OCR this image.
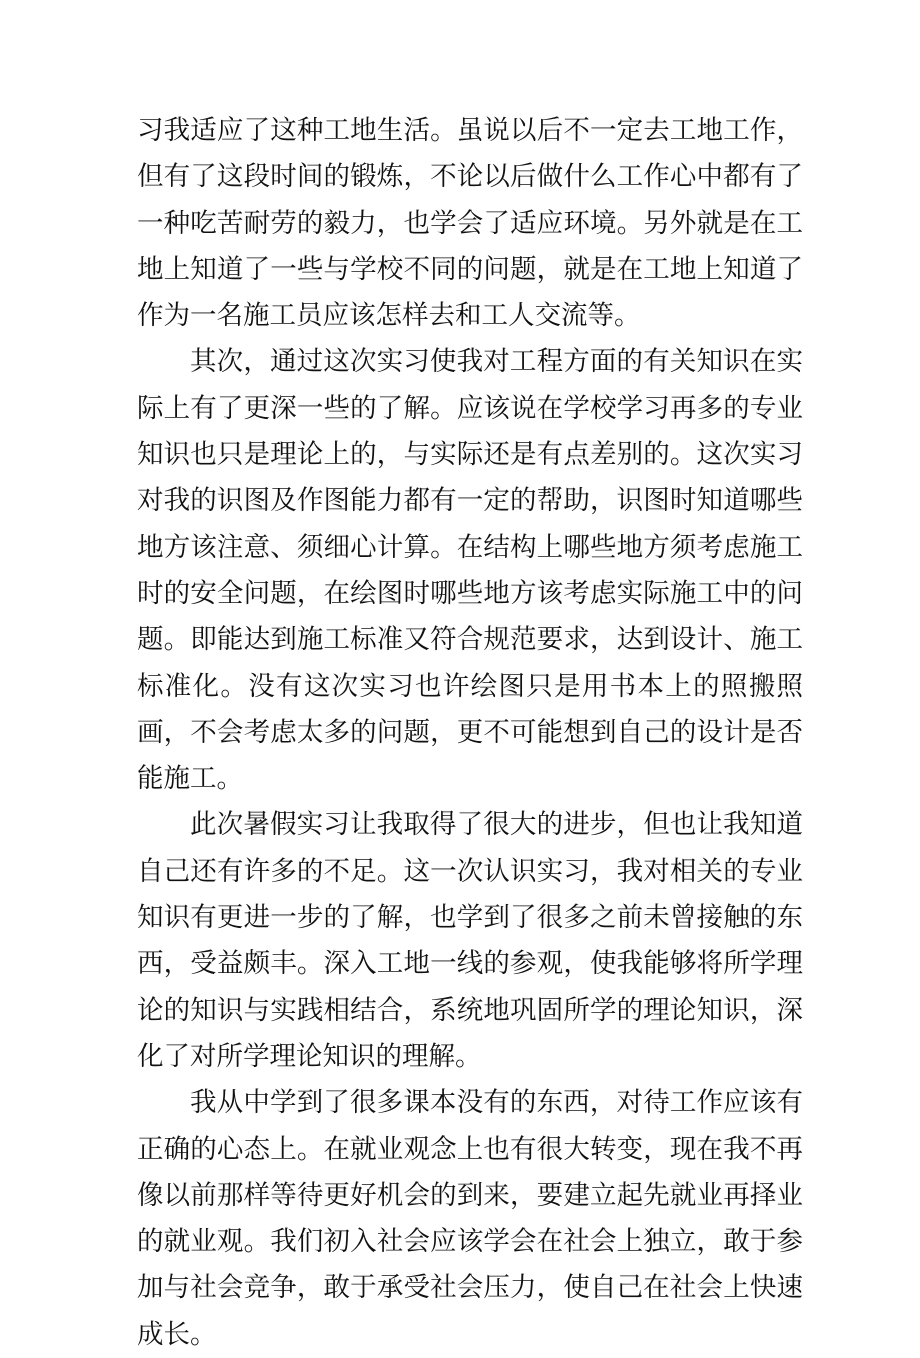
习我适应了这种工地生活。虽说以后不一定去工地工作，但有了这段时间的锻炼，不论以后做什么工作心中都有了一种吃苦耐劳的毅力，也学会了适应环境。另外就是在工地上知道了一些与学校不同的问题，就是在工地上知道了作为一名施工员应该怎样去和工人交流等。

其次，通过这次实习使我对工程方面的有关知识在实际上有了更深一些的了解。应该说在学校学习再多的专业知识也只是理论上的，与实际还是有点差别的。这次实习对我的识图及作图能力都有一定的帮助，识图时知道哪些地方该注意、须细心计算。在结构上哪些地方须考虑施工时的安全问题，在绘图时哪些地方该考虑实际施工中的问题。即能达到施工标准又符合规范要求，达到设计、施工标准化。没有这次实习也许绘图只是用书本上的照搬照画，不会考虑太多的问题，更不可能想到自己的设计是否能施工。

此次暑假实习让我取得了很大的进步，但也让我知道自己还有许多的不足。这一次认识实习，我对相关的专业知识有更进一步的了解，也学到了很多之前未曾接触的东西，受益颇丰。深入工地一线的参观，使我能够将所学理论的知识与实践相结合，系统地巩固所学的理论知识，深化了对所学理论知识的理解。

我从中学到了很多课本没有的东西，对待工作应该有正确的心态上。在就业观念上也有很大转变，现在我不再像以前那样等待更好机会的到来，要建立起先就业再择业的就业观。我们初入社会应该学会在社会上独立，敢于参加与社会竞争，敢于承受社会压力，使自己在社会上快速成长。
